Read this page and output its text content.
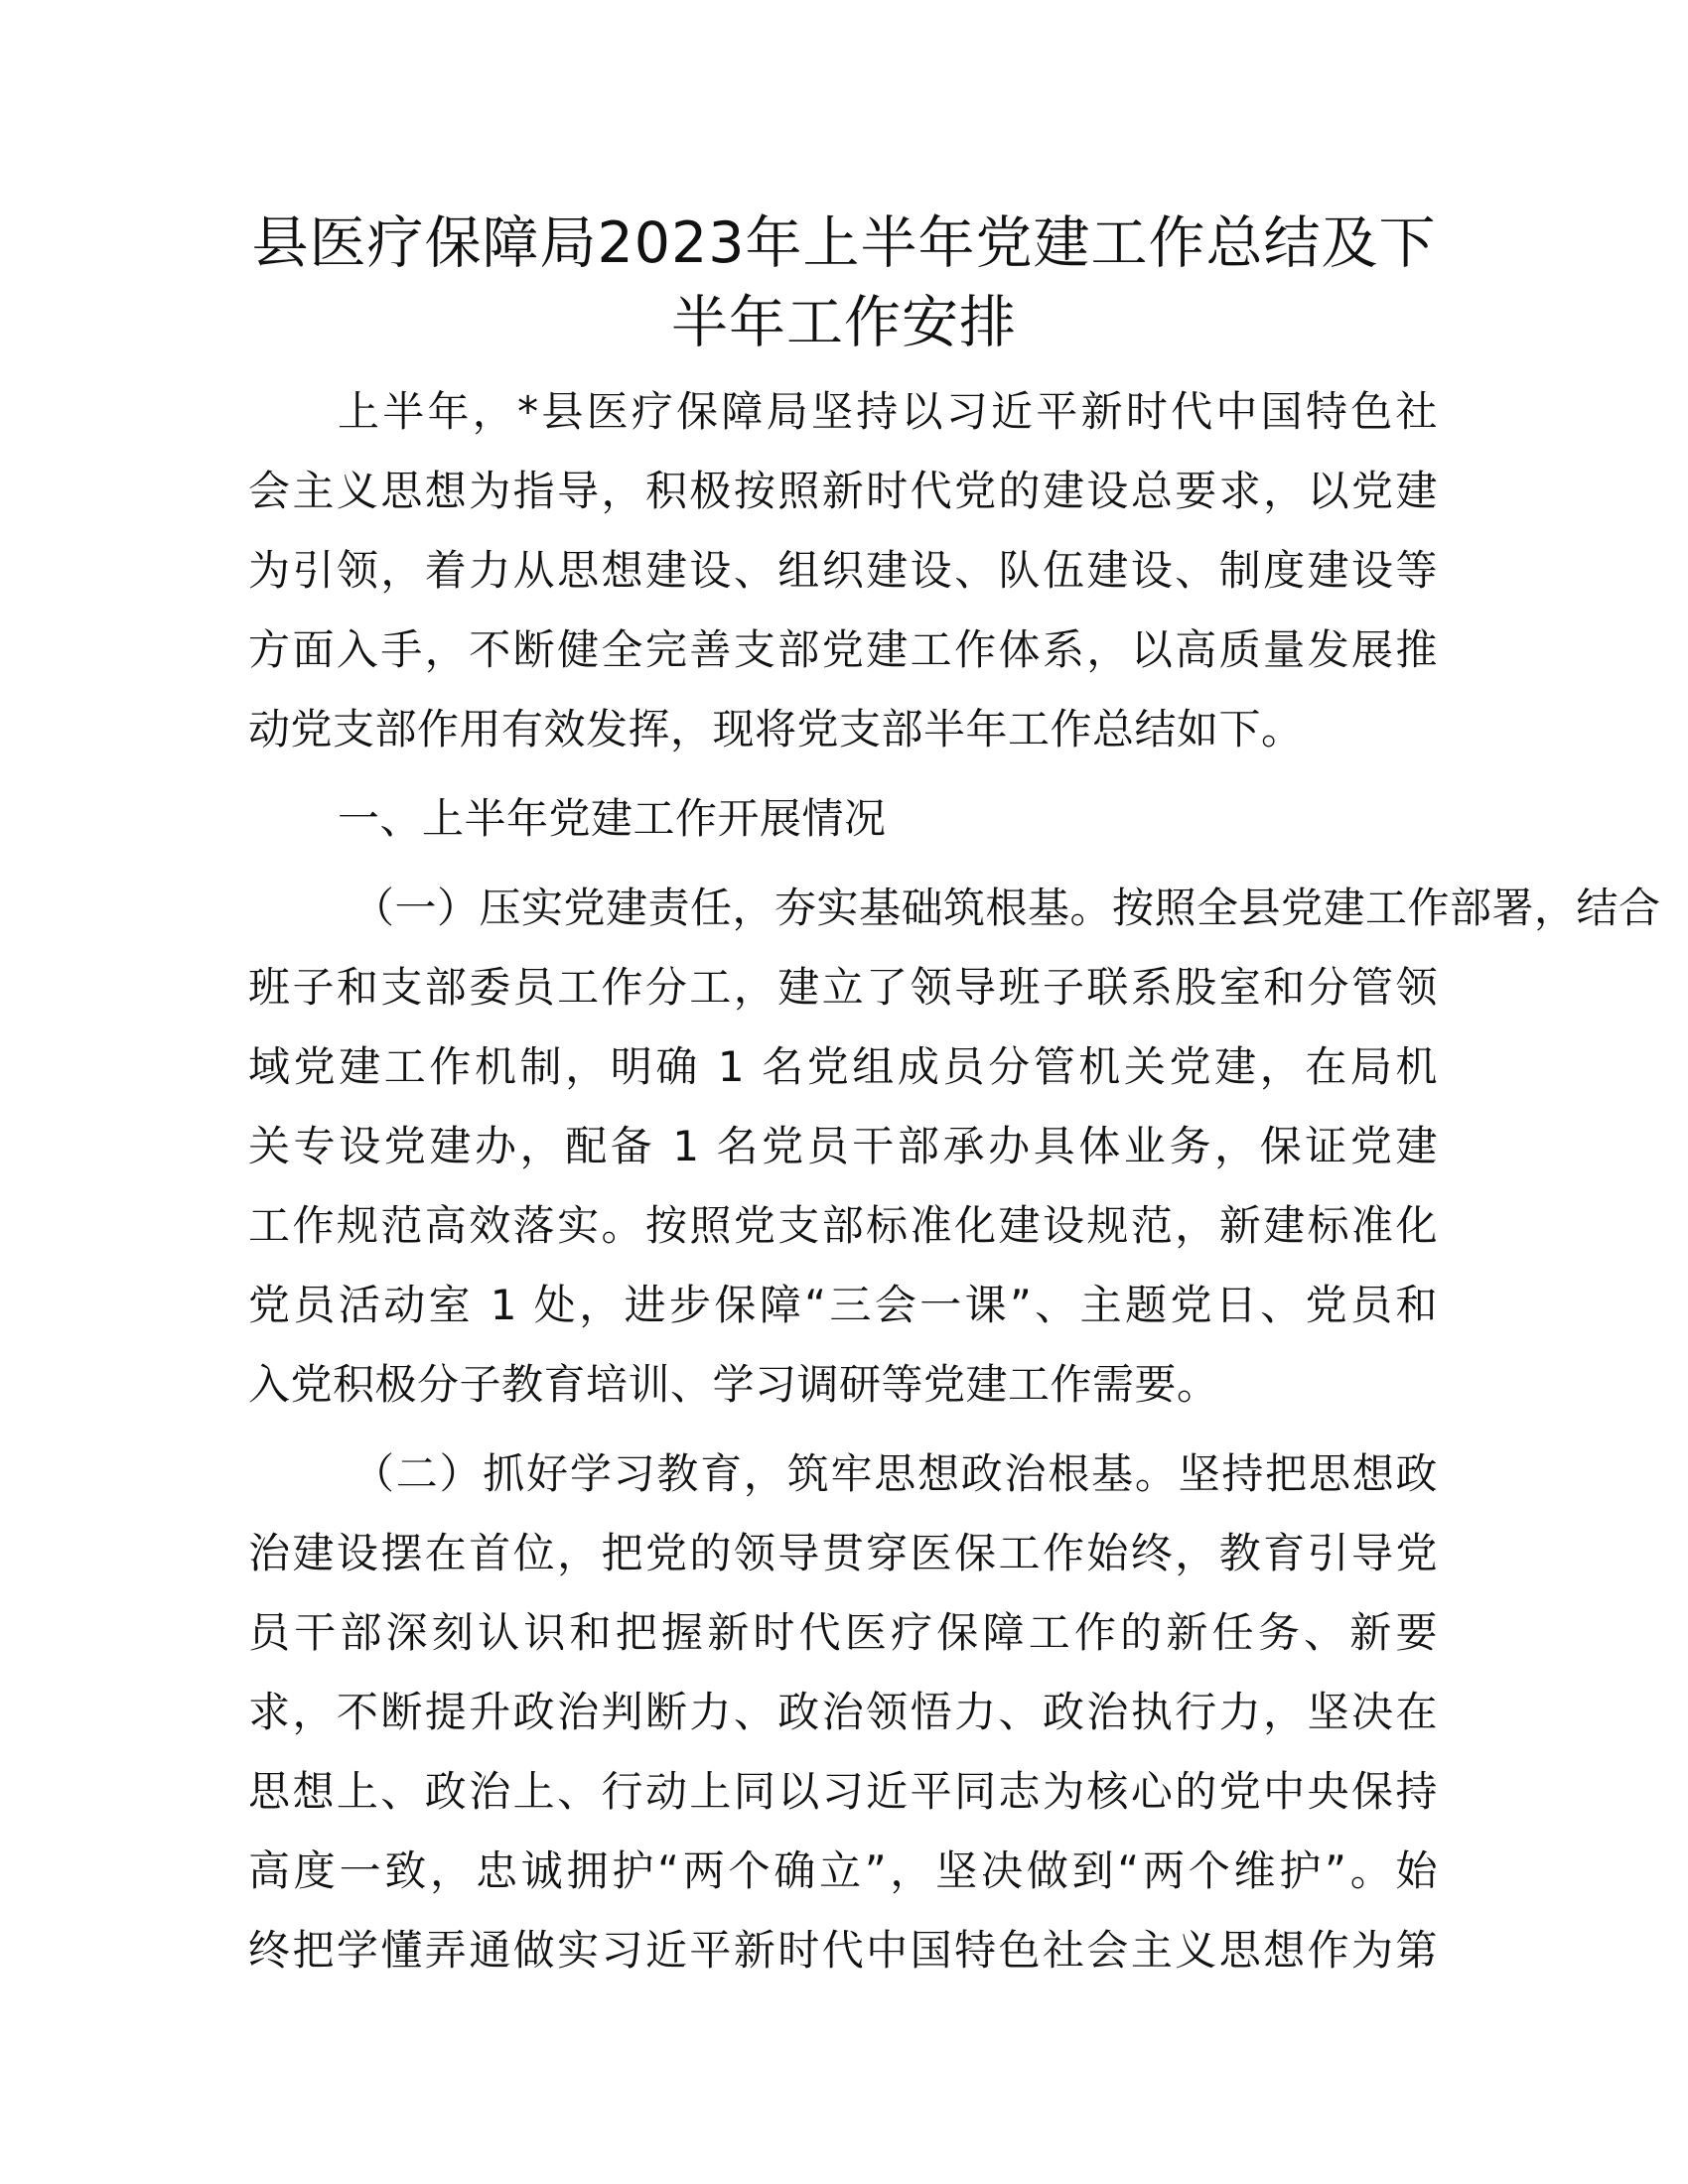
县医疗保障局2023年上半年党建工作总结及下
半年工作安排

上半年，*县医疗保障局坚持以习近平新时代中国特色社

会主义思想为指导，积极按照新时代党的建设总要求，以党建

为引领，着力从思想建设、组织建设、队伍建设、制度建设等

方面入手，不断健全完善支部党建工作体系，以高质量发展推

动党支部作用有效发挥，现将党支部半年工作总结如下。

一、上半年党建工作开展情况

（一）压实党建责任，夯实基础筑根基。按照全县党建工作部署，结合

班子和支部委员工作分工，建立了领导班子联系股室和分管领

域党建工作机制，明确 1 名党组成员分管机关党建，在局机

关专设党建办，配备 1 名党员干部承办具体业务，保证党建

工作规范高效落实。按照党支部标准化建设规范，新建标准化

党员活动室 1 处，进步保障“三会一课”、主题党日、党员和

入党积极分子教育培训、学习调研等党建工作需要。

（二）抓好学习教育，筑牢思想政治根基。坚持把思想政

治建设摆在首位，把党的领导贯穿医保工作始终，教育引导党

员干部深刻认识和把握新时代医疗保障工作的新任务、新要

求，不断提升政治判断力、政治领悟力、政治执行力，坚决在

思想上、政治上、行动上同以习近平同志为核心的党中央保持

高度一致，忠诚拥护“两个确立”，坚决做到“两个维护”。始

终把学懂弄通做实习近平新时代中国特色社会主义思想作为第
